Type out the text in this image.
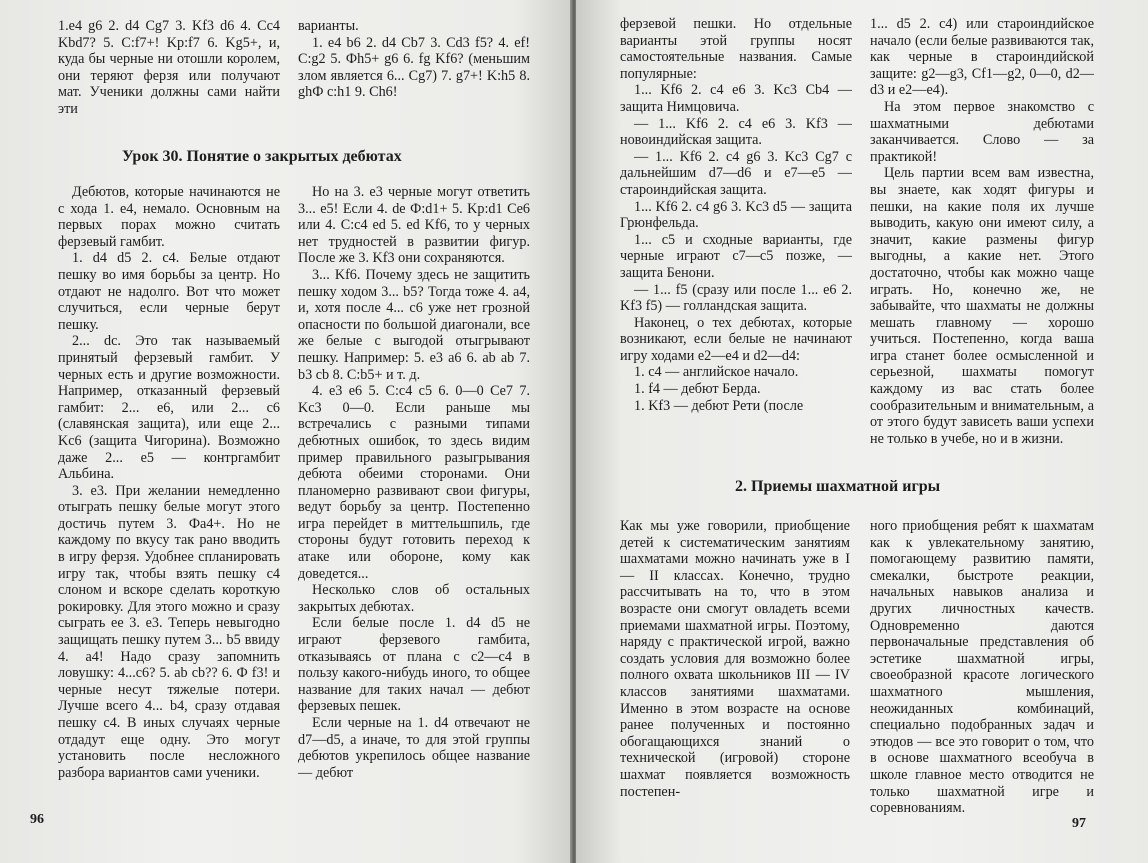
1.e4 g6 2. d4 Cg7 3. Kf3 d6 4. Cc4 Kbd7? 5. C:f7+! Kp:f7 6. Kg5+, и, куда бы черные ни отошли королем, они теряют ферзя или получают мат. Ученики должны сами найти эти

варианты.

1. e4 b6 2. d4 Cb7 3. Cd3 f5? 4. ef! C:g2 5. Фh5+ g6 6. fg Kf6? (меньшим злом является 6... Cg7) 7. g7+! K:h5 8. ghФ c:h1 9. Ch6!

Урок 30. Понятие о закрытых дебютах

Дебютов, которые начинаются не с хода 1. e4, немало. Основным на первых порах можно считать ферзевый гамбит.

1. d4 d5 2. c4. Белые отдают пешку во имя борьбы за центр. Но отдают не надолго. Вот что может случиться, если черные берут пешку.

2... dc. Это так называемый принятый ферзевый гамбит. У черных есть и другие возможности. Например, отказанный ферзевый гамбит: 2... e6, или 2... c6 (славянская защита), или еще 2... Kc6 (защита Чигорина). Возможно даже 2... e5 — контргамбит Альбина.

3. e3. При желании немедленно отыграть пешку белые могут этого достичь путем 3. Фa4+. Но не каждому по вкусу так рано вводить в игру ферзя. Удобнее спланировать игру так, чтобы взять пешку c4 слоном и вскоре сделать короткую рокировку. Для этого можно и сразу сыграть ее 3. e3. Теперь невыгодно защищать пешку путем 3... b5 ввиду 4. a4! Надо сразу запомнить ловушку: 4...c6? 5. ab cb?? 6. Ф f3! и черные несут тяжелые потери. Лучше всего 4... b4, сразу отдавая пешку c4. В иных случаях черные отдадут еще одну. Это могут установить после несложного разбора вариантов сами ученики.

Но на 3. e3 черные могут ответить 3... e5! Если 4. de Ф:d1+ 5. Kp:d1 Ce6 или 4. C:c4 ed 5. ed Kf6, то у черных нет трудностей в развитии фигур. После же 3. Kf3 они сохраняются.

3... Kf6. Почему здесь не защитить пешку ходом 3... b5? Тогда тоже 4. a4, и, хотя после 4... c6 уже нет грозной опасности по большой диагонали, все же белые с выгодой отыгрывают пешку. Например: 5. e3 a6 6. ab ab 7. b3 cb 8. C:b5+ и т. д.

4. e3 e6 5. C:c4 c5 6. 0—0 Ce7 7. Kc3 0—0. Если раньше мы встречались с разными типами дебютных ошибок, то здесь видим пример правильного разыгрывания дебюта обеими сторонами. Они планомерно развивают свои фигуры, ведут борьбу за центр. Постепенно игра перейдет в миттельшпиль, где стороны будут готовить переход к атаке или обороне, кому как доведется...

Несколько слов об остальных закрытых дебютах.

Если белые после 1. d4 d5 не играют ферзевого гамбита, отказываясь от плана с c2—c4 в пользу какого-нибудь иного, то общее название для таких начал — дебют ферзевых пешек.

Если черные на 1. d4 отвечают не d7—d5, а иначе, то для этой группы дебютов укрепилось общее название — дебют

96

ферзевой пешки. Но отдельные варианты этой группы носят самостоятельные названия. Самые популярные:

1... Kf6 2. c4 e6 3. Kc3 Cb4 — защита Нимцовича.

— 1... Kf6 2. c4 e6 3. Kf3 — новоиндийская защита.

— 1... Kf6 2. c4 g6 3. Kc3 Cg7 с дальнейшим d7—d6 и e7—e5 — староиндийская защита.

1... Kf6 2. c4 g6 3. Kc3 d5 — защита Грюнфельда.

1... c5 и сходные варианты, где черные играют c7—c5 позже, — защита Бенони.

— 1... f5 (сразу или после 1... e6 2. Kf3 f5) — голландская защита.

Наконец, о тех дебютах, которые возникают, если белые не начинают игру ходами e2—e4 и d2—d4:

1. c4 — английское начало.

1. f4 — дебют Берда.

1. Kf3 — дебют Рети (после

1... d5 2. c4) или староиндийское начало (если белые развиваются так, как черные в староиндийской защите: g2—g3, Cf1—g2, 0—0, d2—d3 и e2—e4).

На этом первое знакомство с шахматными дебютами заканчивается. Слово — за практикой!

Цель партии всем вам известна, вы знаете, как ходят фигуры и пешки, на какие поля их лучше выводить, какую они имеют силу, а значит, какие размены фигур выгодны, а какие нет. Этого достаточно, чтобы как можно чаще играть. Но, конечно же, не забывайте, что шахматы не должны мешать главному — хорошо учиться. Постепенно, когда ваша игра станет более осмысленной и серьезной, шахматы помогут каждому из вас стать более сообразительным и внимательным, а от этого будут зависеть ваши успехи не только в учебе, но и в жизни.

2. Приемы шахматной игры

Как мы уже говорили, приобщение детей к систематическим занятиям шахматами можно начинать уже в I — II классах. Конечно, трудно рассчитывать на то, что в этом возрасте они смогут овладеть всеми приемами шахматной игры. Поэтому, наряду с практической игрой, важно создать условия для возможно более полного охвата школьников III — IV классов занятиями шахматами. Именно в этом возрасте на основе ранее полученных и постоянно обогащающихся знаний о технической (игровой) стороне шахмат появляется возможность постепен-

ного приобщения ребят к шахматам как к увлекательному занятию, помогающему развитию памяти, смекалки, быстроте реакции, начальных навыков анализа и других личностных качеств. Одновременно даются первоначальные представления об эстетике шахматной игры, своеобразной красоте логического шахматного мышления, неожиданных комбинаций, специально подобранных задач и этюдов — все это говорит о том, что в основе шахматного всеобуча в школе главное место отводится не только шахматной игре и соревнованиям.

97
